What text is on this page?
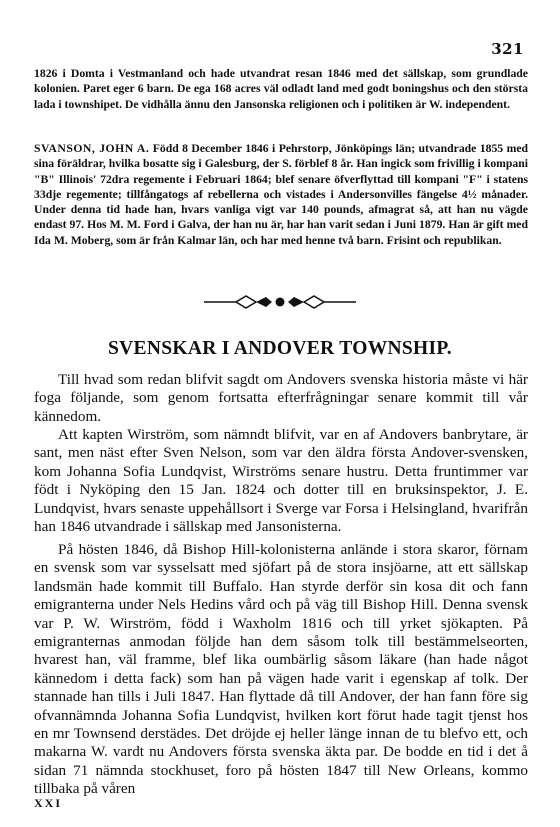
321

1826 i Domta i Vestmanland och hade utvandrat resan 1846 med det sällskap, som grundlade kolonien. Paret eger 6 barn. De ega 168 acres väl odladt land med godt boningshus och den största lada i townshipet. De vidhålla ännu den Jansonska religionen och i politiken är W. independent.

SVANSON, JOHN A. Född 8 December 1846 i Pehrstorp, Jönköpings län; utvandrade 1855 med sina föräldrar, hvilka bosatte sig i Galesburg, der S. förblef 8 år. Han ingick som frivillig i kompani "B" Illinois' 72dra regemente i Februari 1864; blef senare öfverflyttad till kompani "F" i statens 33dje regemente; tillfångatogs af rebellerna och vistades i Andersonvilles fängelse 4½ månader. Under denna tid hade han, hvars vanliga vigt var 140 pounds, afmagrat så, att han nu vägde endast 97. Hos M. M. Ford i Galva, der han nu är, har han varit sedan i Juni 1879. Han är gift med Ida M. Moberg, som är från Kalmar län, och har med henne två barn. Frisint och republikan.

SVENSKAR I ANDOVER TOWNSHIP.

Till hvad som redan blifvit sagdt om Andovers svenska historia måste vi här foga följande, som genom fortsatta efterfrågningar senare kommit till vår kännedom.

Att kapten Wirström, som nämndt blifvit, var en af Andovers banbrytare, är sant, men näst efter Sven Nelson, som var den äldra första Andover-svensken, kom Johanna Sofia Lundqvist, Wirströms senare hustru. Detta fruntimmer var födt i Nyköping den 15 Jan. 1824 och dotter till en bruksinspektor, J. E. Lundqvist, hvars senaste uppehållsort i Sverge var Forsa i Helsingland, hvarifrån han 1846 utvandrade i sällskap med Jansonisterna.

På hösten 1846, då Bishop Hill-kolonisterna anlände i stora skaror, förnam en svensk som var sysselsatt med sjöfart på de stora insjöarne, att ett sällskap landsmän hade kommit till Buffalo. Han styrde derför sin kosa dit och fann emigranterna under Nels Hedins vård och på väg till Bishop Hill. Denna svensk var P. W. Wirström, född i Waxholm 1816 och till yrket sjökapten. På emigranternas anmodan följde han dem såsom tolk till bestämmelseorten, hvarest han, väl framme, blef lika oumbärlig såsom läkare (han hade något kännedom i detta fack) som han på vägen hade varit i egenskap af tolk. Der stannade han tills i Juli 1847. Han flyttade då till Andover, der han fann före sig ofvannämnda Johanna Sofia Lundqvist, hvilken kort förut hade tagit tjenst hos en mr Townsend derstädes. Det dröjde ej heller länge innan de tu blefvo ett, och makarna W. vardt nu Andovers första svenska äkta par. De bodde en tid i det å sidan 71 nämnda stockhuset, foro på hösten 1847 till New Orleans, kommo tillbaka på våren

XXI
